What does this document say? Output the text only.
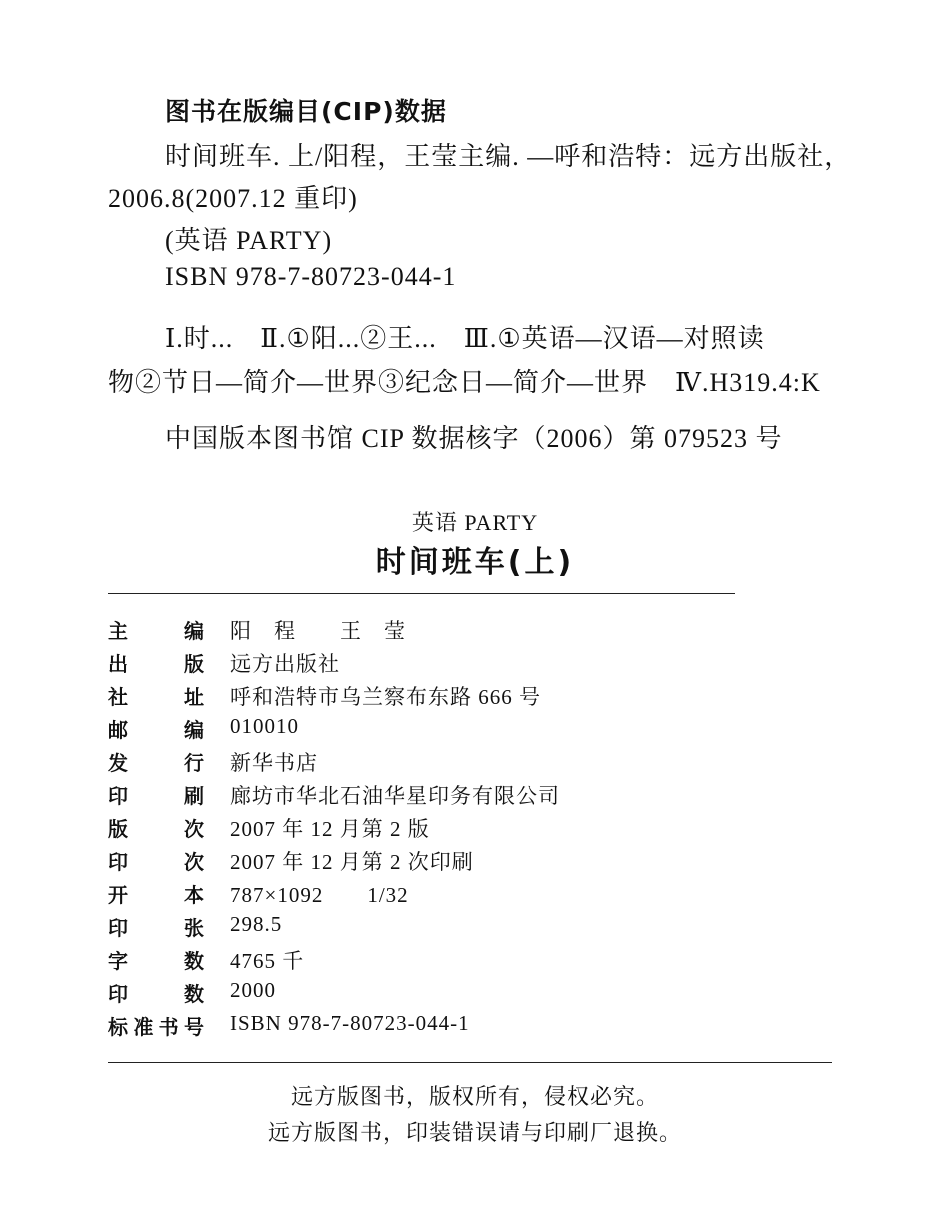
图书在版编目(CIP)数据
时间班车. 上/阳程，王莹主编. —呼和浩特：远方出版社，
2006.8(2007.12 重印)
(英语 PARTY)
ISBN 978-7-80723-044-1
Ⅰ.时...　Ⅱ.①阳...②王...　Ⅲ.①英语—汉语—对照读
物②节日—简介—世界③纪念日—简介—世界　Ⅳ.H319.4:K
中国版本图书馆 CIP 数据核字（2006）第 079523 号
英语 PARTY
时间班车(上)
主编 阳　程　　王　莹
出版 远方出版社
社址 呼和浩特市乌兰察布东路 666 号
邮编 010010
发行 新华书店
印刷 廊坊市华北石油华星印务有限公司
版次 2007 年 12 月第 2 版
印次 2007 年 12 月第 2 次印刷
开本 787×1092　　1/32
印张 298.5
字数 4765 千
印数 2000
标准书号 ISBN 978-7-80723-044-1
远方版图书，版权所有，侵权必究。
远方版图书，印装错误请与印刷厂退换。
